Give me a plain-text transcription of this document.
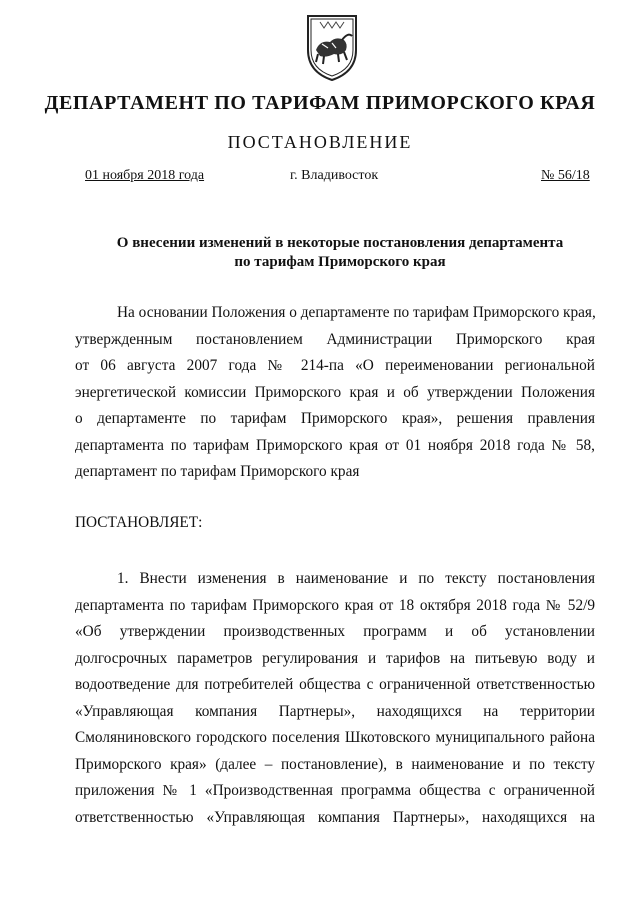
ДЕПАРТАМЕНТ ПО ТАРИФАМ ПРИМОРСКОГО КРАЯ
ПОСТАНОВЛЕНИЕ
01 ноября 2018 года	г. Владивосток	№ 56/18
О внесении изменений в некоторые постановления департамента
по тарифам Приморского края
На основании Положения о департаменте по тарифам Приморского края,
утвержденным постановлением Администрации Приморского края
от 06 августа 2007 года № 214-па «О переименовании региональной
энергетической комиссии Приморского края и об утверждении Положения
о департаменте по тарифам Приморского края», решения правления
департамента по тарифам Приморского края от 01 ноября 2018 года № 58,
департамент по тарифам Приморского края
ПОСТАНОВЛЯЕТ:
1. Внести изменения в наименование и по тексту постановления
департамента по тарифам Приморского края от 18 октября 2018 года № 52/9
«Об утверждении производственных программ и об установлении
долгосрочных параметров регулирования и тарифов на питьевую воду и
водоотведение для потребителей общества с ограниченной ответственностью
«Управляющая компания Партнеры», находящихся на территории
Смоляниновского городского поселения Шкотовского муниципального района
Приморского края» (далее – постановление), в наименование и по тексту
приложения № 1 «Производственная программа общества с ограниченной
ответственностью «Управляющая компания Партнеры», находящихся на
